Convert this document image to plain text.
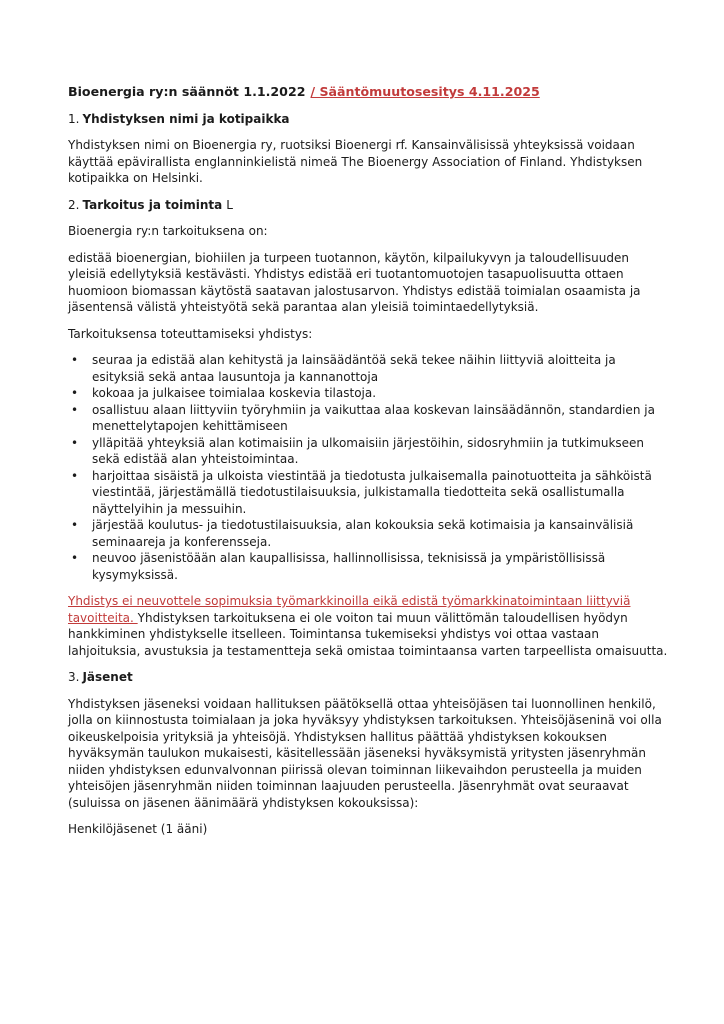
Bioenergia ry:n säännöt 1.1.2022 / Sääntömuutosesitys 4.11.2025

1. Yhdistyksen nimi ja kotipaikka

Yhdistyksen nimi on Bioenergia ry, ruotsiksi Bioenergi rf. Kansainvälisissä yhteyksissä voidaan käyttää epävirallista englanninkielistä nimeä The Bioenergy Association of Finland. Yhdistyksen kotipaikka on Helsinki.

2. Tarkoitus ja toiminta L

Bioenergia ry:n tarkoituksena on:

edistää bioenergian, biohiilen ja turpeen tuotannon, käytön, kilpailukyvyn ja taloudellisuuden yleisiä edellytyksiä kestävästi. Yhdistys edistää eri tuotantomuotojen tasapuolisuutta ottaen huomioon biomassan käytöstä saatavan jalostusarvon. Yhdistys edistää toimialan osaamista ja jäsentensä välistä yhteistyötä sekä parantaa alan yleisiä toimintaedellytyksiä.

Tarkoituksensa toteuttamiseksi yhdistys:

• seuraa ja edistää alan kehitystä ja lainsäädäntöä sekä tekee näihin liittyviä aloitteita ja esityksiä sekä antaa lausuntoja ja kannanottoja
• kokoaa ja julkaisee toimialaa koskevia tilastoja.
• osallistuu alaan liittyviin työryhmiin ja vaikuttaa alaa koskevan lainsäädännön, standardien ja menettelytapojen kehittämiseen
• ylläpitää yhteyksiä alan kotimaisiin ja ulkomaisiin järjestöihin, sidosryhmiin ja tutkimukseen sekä edistää alan yhteistoimintaa.
• harjoittaa sisäistä ja ulkoista viestintää ja tiedotusta julkaisemalla painotuotteita ja sähköistä viestintää, järjestämällä tiedotustilaisuuksia, julkistamalla tiedotteita sekä osallistumalla näyttelyihin ja messuihin.
• järjestää koulutus- ja tiedotustilaisuuksia, alan kokouksia sekä kotimaisia ja kansainvälisiä seminaareja ja konferensseja.
• neuvoo jäsenistöään alan kaupallisissa, hallinnollisissa, teknisissä ja ympäristöllisissä kysymyksissä.

Yhdistys ei neuvottele sopimuksia työmarkkinoilla eikä edistä työmarkkinatoimintaan liittyviä tavoitteita. Yhdistyksen tarkoituksena ei ole voiton tai muun välittömän taloudellisen hyödyn hankkiminen yhdistykselle itselleen. Toimintansa tukemiseksi yhdistys voi ottaa vastaan lahjoituksia, avustuksia ja testamentteja sekä omistaa toimintaansa varten tarpeellista omaisuutta.

3. Jäsenet

Yhdistyksen jäseneksi voidaan hallituksen päätöksellä ottaa yhteisöjäsen tai luonnollinen henkilö, jolla on kiinnostusta toimialaan ja joka hyväksyy yhdistyksen tarkoituksen. Yhteisöjäseninä voi olla oikeuskelpoisia yrityksiä ja yhteisöjä. Yhdistyksen hallitus päättää yhdistyksen kokouksen hyväksymän taulukon mukaisesti, käsitellessään jäseneksi hyväksymistä yritysten jäsenryhmän niiden yhdistyksen edunvalvonnan piirissä olevan toiminnan liikevaihdon perusteella ja muiden yhteisöjen jäsenryhmän niiden toiminnan laajuuden perusteella. Jäsenryhmät ovat seuraavat (suluissa on jäsenen äänimäärä yhdistyksen kokouksissa):

Henkilöjäsenet (1 ääni)
